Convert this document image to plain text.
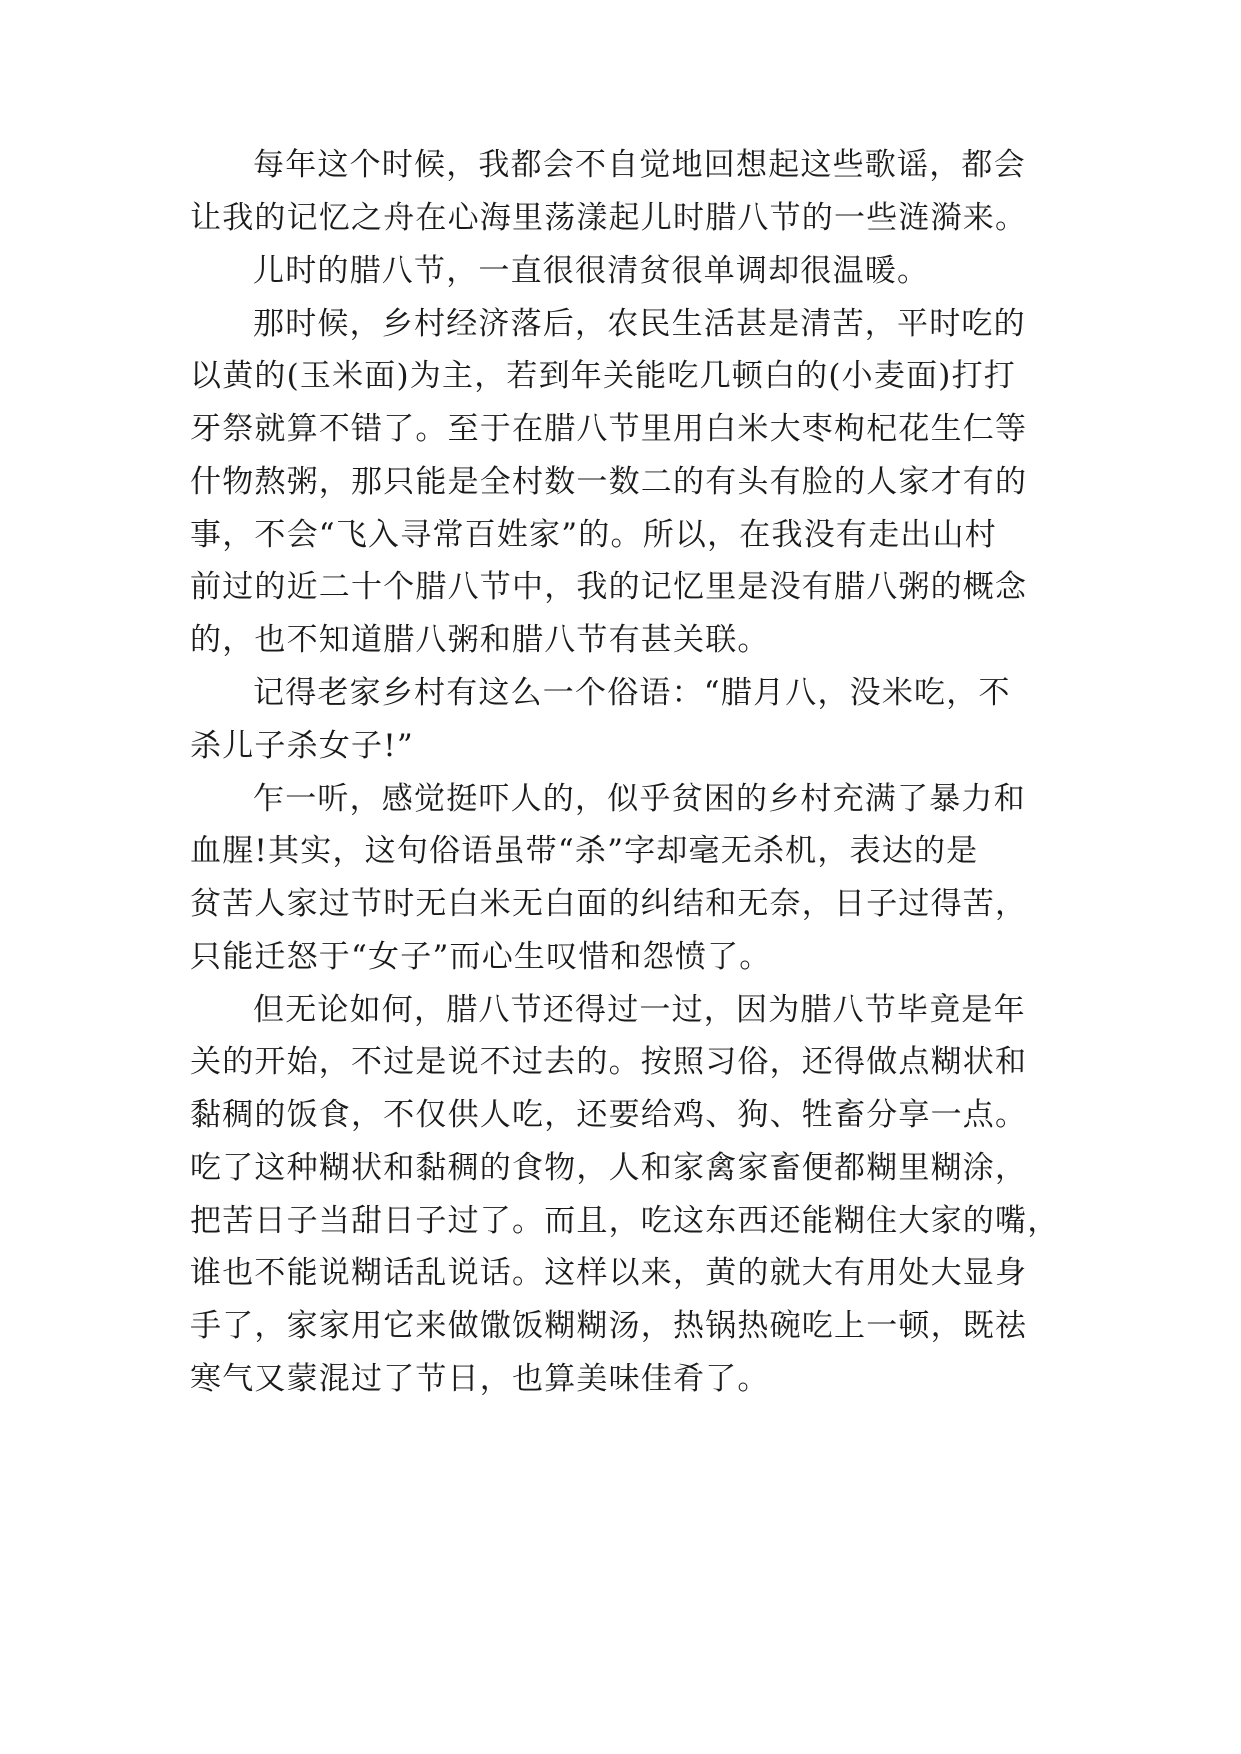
每年这个时候，我都会不自觉地回想起这些歌谣，都会
让我的记忆之舟在心海里荡漾起儿时腊八节的一些涟漪来。
儿时的腊八节，一直很很清贫很单调却很温暖。
那时候，乡村经济落后，农民生活甚是清苦，平时吃的
以黄的(玉米面)为主，若到年关能吃几顿白的(小麦面)打打
牙祭就算不错了。至于在腊八节里用白米大枣枸杞花生仁等
什物熬粥，那只能是全村数一数二的有头有脸的人家才有的
事，不会“飞入寻常百姓家”的。所以，在我没有走出山村
前过的近二十个腊八节中，我的记忆里是没有腊八粥的概念
的，也不知道腊八粥和腊八节有甚关联。
记得老家乡村有这么一个俗语：“腊月八，没米吃，不
杀儿子杀女子!”
乍一听，感觉挺吓人的，似乎贫困的乡村充满了暴力和
血腥!其实，这句俗语虽带“杀”字却毫无杀机，表达的是
贫苦人家过节时无白米无白面的纠结和无奈，日子过得苦，
只能迁怒于“女子”而心生叹惜和怨愤了。
但无论如何，腊八节还得过一过，因为腊八节毕竟是年
关的开始，不过是说不过去的。按照习俗，还得做点糊状和
黏稠的饭食，不仅供人吃，还要给鸡、狗、牲畜分享一点。
吃了这种糊状和黏稠的食物，人和家禽家畜便都糊里糊涂，
把苦日子当甜日子过了。而且，吃这东西还能糊住大家的嘴，
谁也不能说糊话乱说话。这样以来，黄的就大有用处大显身
手了，家家用它来做馓饭糊糊汤，热锅热碗吃上一顿，既祛
寒气又蒙混过了节日，也算美味佳肴了。
